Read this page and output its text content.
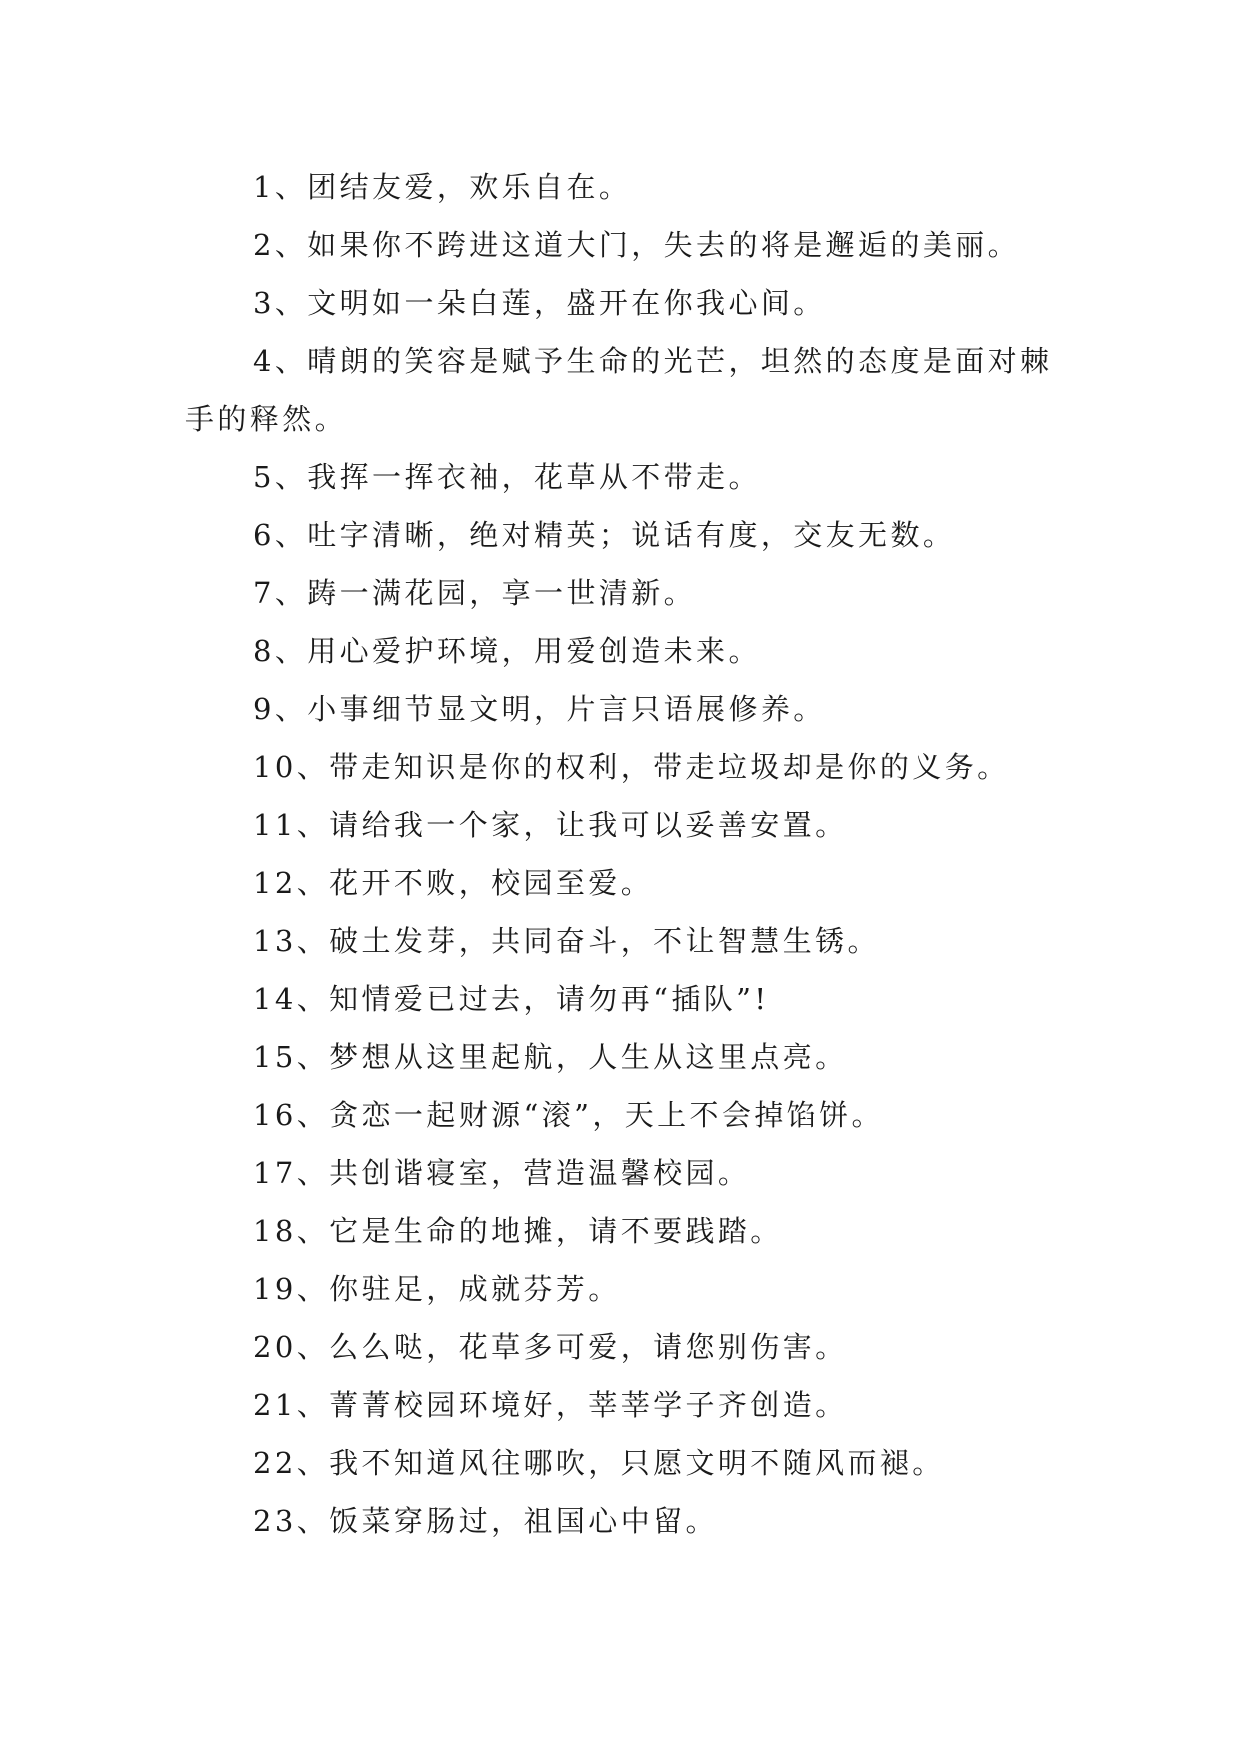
1、团结友爱，欢乐自在。

2、如果你不跨进这道大门，失去的将是邂逅的美丽。

3、文明如一朵白莲，盛开在你我心间。

4、晴朗的笑容是赋予生命的光芒，坦然的态度是面对棘手的释然。

5、我挥一挥衣袖，花草从不带走。

6、吐字清晰，绝对精英；说话有度，交友无数。

7、踌一满花园，享一世清新。

8、用心爱护环境，用爱创造未来。

9、小事细节显文明，片言只语展修养。

10、带走知识是你的权利，带走垃圾却是你的义务。

11、请给我一个家，让我可以妥善安置。

12、花开不败，校园至爱。

13、破土发芽，共同奋斗，不让智慧生锈。

14、知情爱已过去，请勿再“插队”!

15、梦想从这里起航，人生从这里点亮。

16、贪恋一起财源“滚”，天上不会掉馅饼。

17、共创谐寝室，营造温馨校园。

18、它是生命的地摊，请不要践踏。

19、你驻足，成就芬芳。

20、么么哒，花草多可爱，请您别伤害。

21、菁菁校园环境好，莘莘学子齐创造。

22、我不知道风往哪吹，只愿文明不随风而褪。

23、饭菜穿肠过，祖国心中留。
